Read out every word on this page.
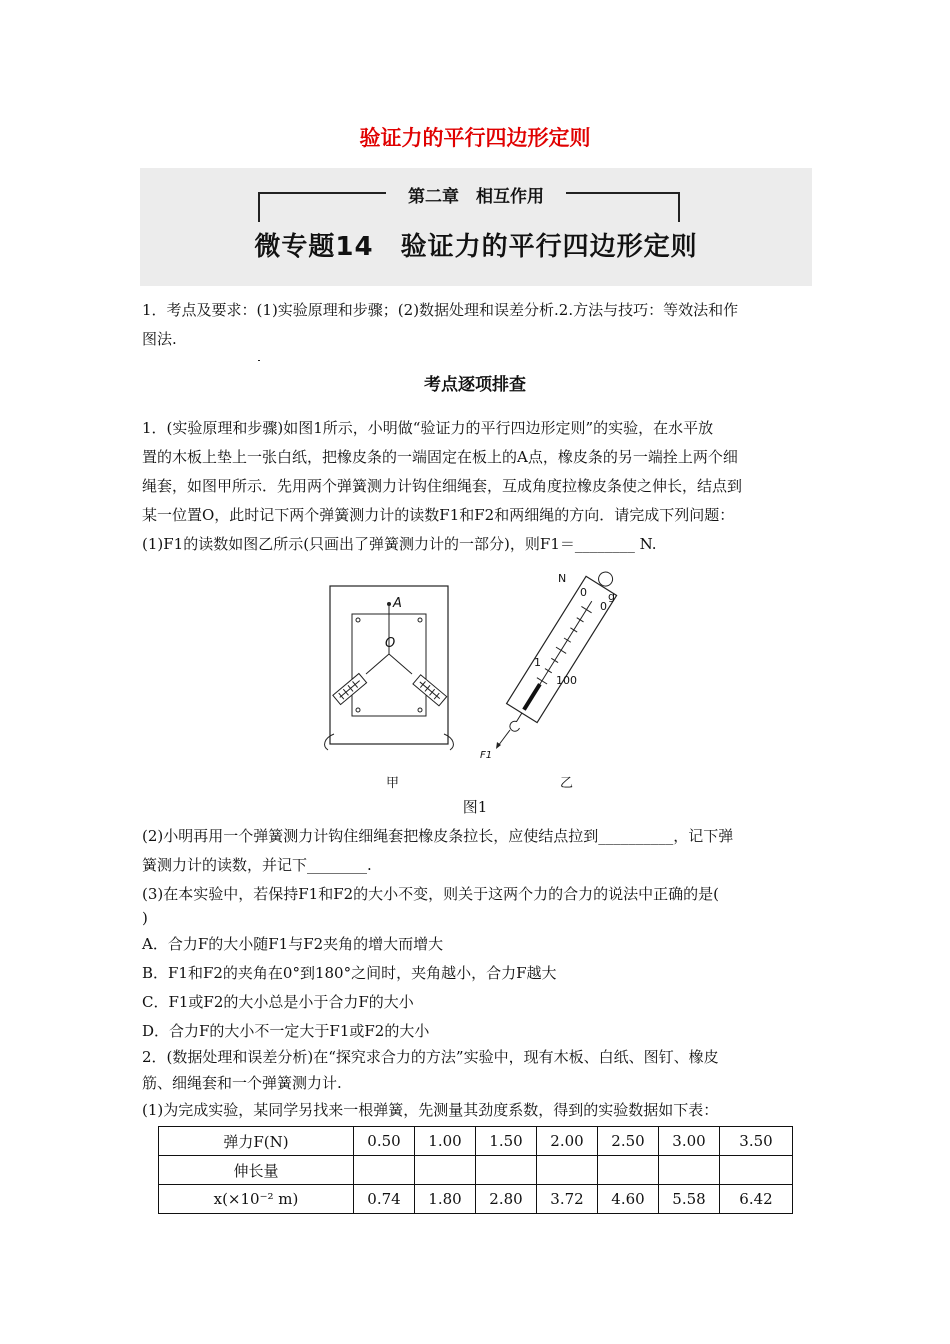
验证力的平行四边形定则
第二章　相互作用
微专题14　验证力的平行四边形定则

1．考点及要求：(1)实验原理和步骤；(2)数据处理和误差分析.2.方法与技巧：等效法和作

图法.

考点逐项排查

1．(实验原理和步骤)如图1所示，小明做“验证力的平行四边形定则”的实验，在水平放

置的木板上垫上一张白纸，把橡皮条的一端固定在板上的A点，橡皮条的另一端拴上两个细

绳套，如图甲所示．先用两个弹簧测力计钩住细绳套，互成角度拉橡皮条使之伸长，结点到

某一位置O，此时记下两个弹簧测力计的读数F1和F2和两细绳的方向．请完成下列问题：

(1)F1的读数如图乙所示(只画出了弹簧测力计的一部分)，则F1＝________ N.

A
O
N
g
0
0
1
100
F1
甲	乙
图1

(2)小明再用一个弹簧测力计钩住细绳套把橡皮条拉长，应使结点拉到__________，记下弹

簧测力计的读数，并记下________.

(3)在本实验中，若保持F1和F2的大小不变，则关于这两个力的合力的说法中正确的是(

)

A．合力F的大小随F1与F2夹角的增大而增大

B．F1和F2的夹角在0°到180°之间时，夹角越小，合力F越大

C．F1或F2的大小总是小于合力F的大小

D．合力F的大小不一定大于F1或F2的大小

2．(数据处理和误差分析)在“探究求合力的方法”实验中，现有木板、白纸、图钉、橡皮

筋、细绳套和一个弹簧测力计.

(1)为完成实验，某同学另找来一根弹簧，先测量其劲度系数，得到的实验数据如下表：

弹力F(N)	0.50	1.00	1.50	2.00	2.50	3.00	3.50
伸长量							
x(×10⁻² m)	0.74	1.80	2.80	3.72	4.60	5.58	6.42
